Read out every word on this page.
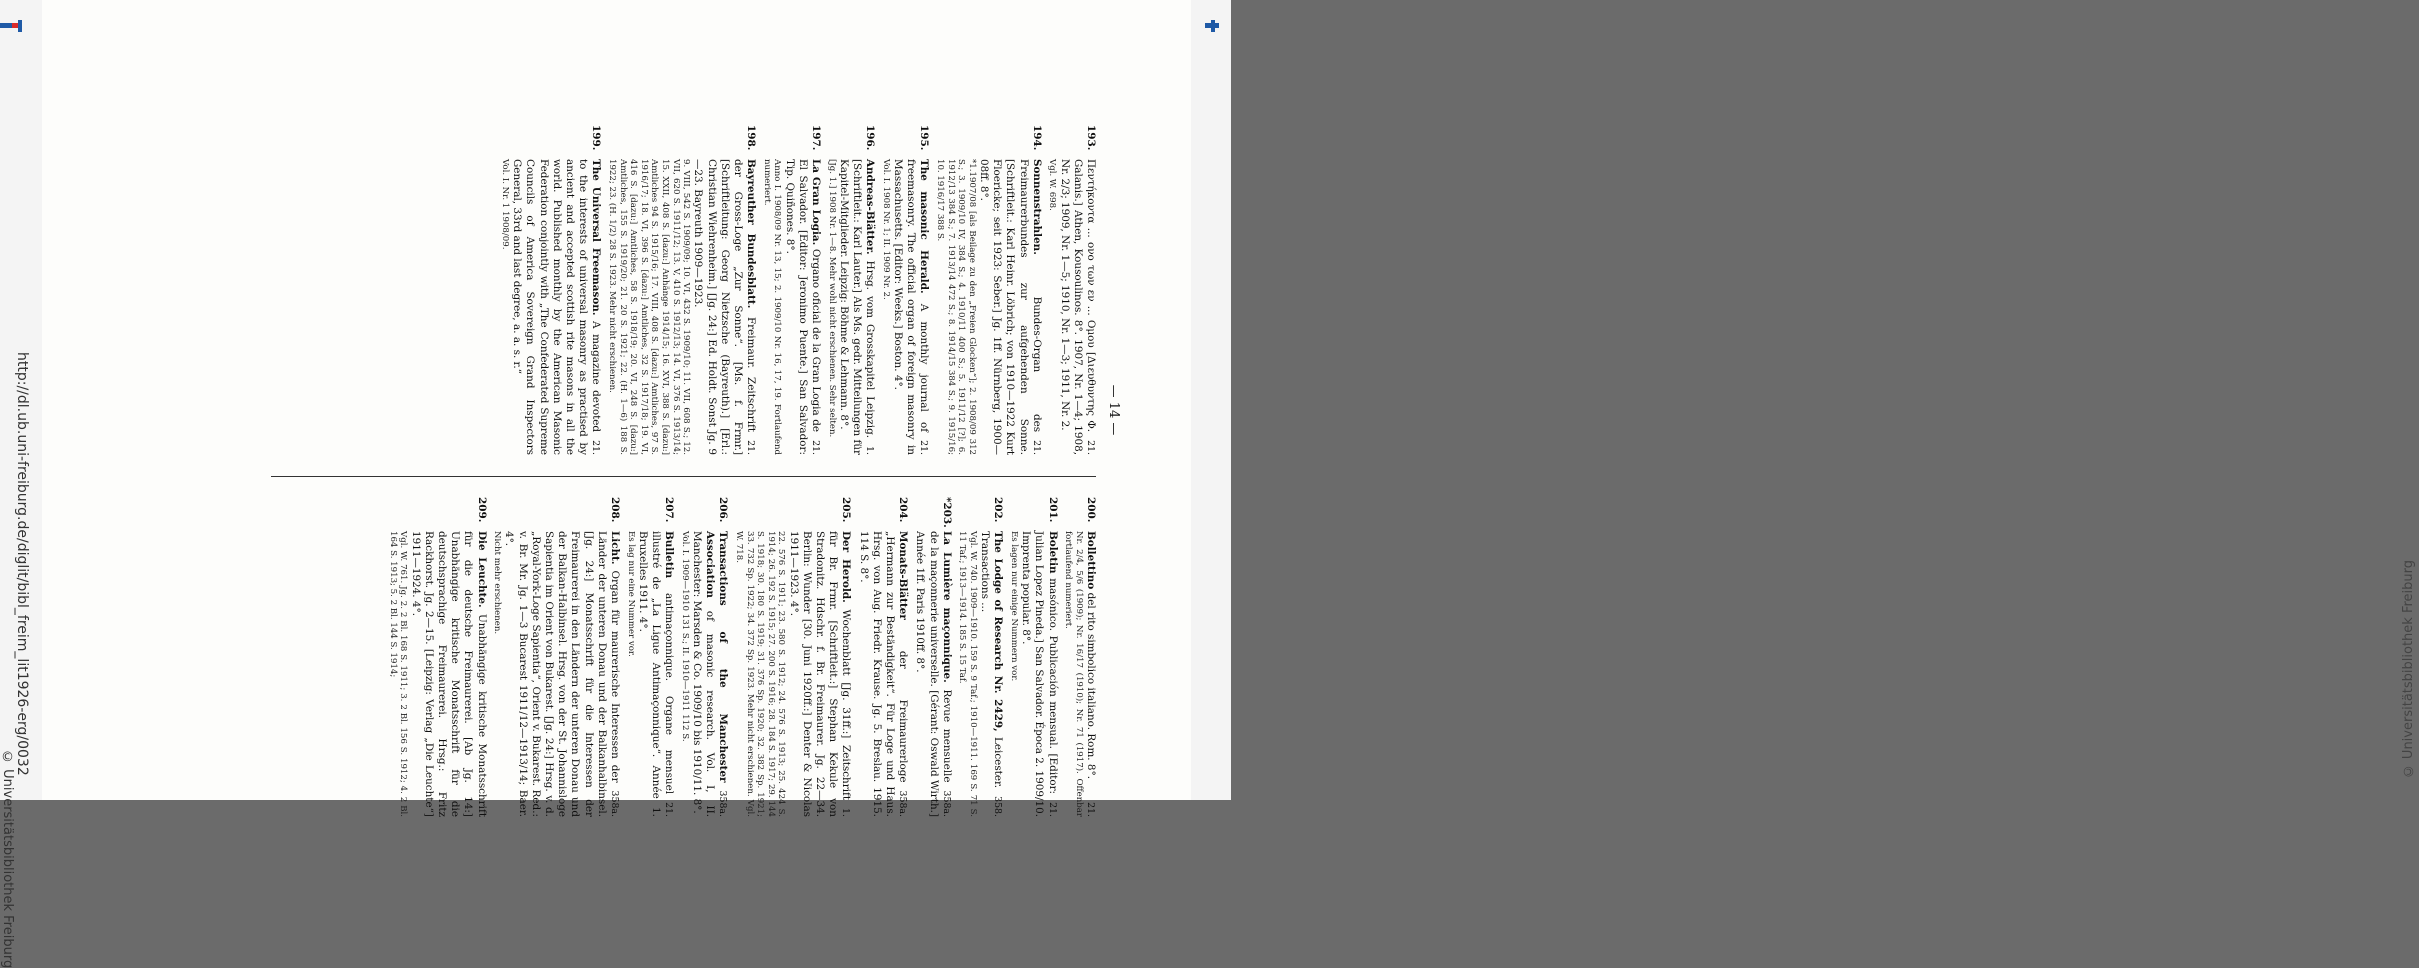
http://dl.ub.uni-freiburg.de/diglit/bibl_freim_lit1926-erg/0032
© Universitätsbibliothek Freiburg
© Universitätsbibliothek Freiburg
— 14 —
193.
21.
Πεντήκοντα ... ονο των εν ... Ομου [Διευθυντης Φ. Galanis.] Athen, Kousoulinos. 8°. 1907, Nr. 1—4; 1908, Nr. 2/3; 1909, Nr. 1—5; 1910, Nr. 1—3; 1911, Nr. 2.
Vgl. W. 698.
194.
21.
Sonnenstrahlen. Bundes-Organ des Freimaurerbundes zur aufgehenden Sonne. [Schriftleit.: Karl Heinr. Löbrich; von 1910—1922 Kurt Floericke; seit 1923: Seber.] Jg. 1ff. Nürnberg, 1900—08ff. 8°.
*1.1907/08 [als Beilage zu den „Freien Glocken“]; 2. 1908/09 312 S.; 3. 1909/10 IV, 384 S.; 4. 1910/11 400 S.; 5. 1911/12 [?]; 6. 1912/13 384 S.; 7. 1913/14 472 S.; 8. 1914/15 384 S.; 9. 1915/16; 10. 1916/17 388 S.
195.
21.
The masonic Herald. A monthly journal of freemasonry. The official organ of foreign masonry in Massachusetts. [Editor: Weeks.] Boston. 4°.
Vol. I. 1908 Nr. 1; II. 1909 Nr. 2.
196.
1.
Andreas-Blätter. Hrsg. vom Grosskapitel Leipzig. [Schriftleit.: Karl Lauter.] Als Ms. gedr. Mitteilungen für Kapitel-Mitglieder. Leipzig: Böhme & Lehmann. 8°.
[Jg. 1.] 1908 Nr. 1—8. Mehr wohl nicht erschienen. Sehr selten.
197.
21.
La Gran Logia. Organo oficial de la Gran Logia de El Salvador. [Editor: Jeronimo Puente.] San Salvador: Tip. Quiñones. 8°.
Anno I. 1908/09 Nr. 13, 15; 2. 1909/10 Nr. 16, 17, 19. Fortlaufend numeriert.
198.
21.
Bayreuther Bundesblatt. Freimaur. Zeitschrift der Gross-Loge „Zur Sonne“. [Ms. f. Frmr.] [Schriftleitung: Georg Nietzsche (Bayreuth).] [Erl.: Christian Wiehrenheim.] [Jg. 24:] Ed. Holdt. Sonst Jg. 9—23. Bayreuth 1909—1923.
9. VIII, 542 S. 1909/09; 10. VI, 432 S. 1909/10; 11. VII, 608 S.; 12. VII, 620 S. 1911/12; 13. V, 410 S. 1912/13; 14. VI, 376 S. 1913/14; 15. XXII, 408 S. [dazu:] Anhänge 1914/15; 16. XVI, 388 S. [dazu:] Amtliches 94 S. 1915/16; 17. VIII, 408 S. [dazu:] Amtliches, 97 S. 1916/17; 18. VI, 396 S. [dazu:] Amtliches, 32 S. 1917/18; 19. VI, 416 S. [dazu:] Amtliches, 58 S. 1918/19; 20. VI, 248 S. [dazu:] Amtliches, 155 S. 1919/20; 21. 20 S. 1921; 22. (H. 1—6) 188 S. 1922; 23. (H. 1/2) 28 S. 1923. Mehr nicht erschienen.
199.
21.
The Universal Freemason. A magazine devoted to the interests of universal masonry as practised by ancient and accepted scottish rite masons in all the world. Published monthly by the American Masonic Federation conjointly with „The Confederated Supreme Councils of America Sovereign Grand Inspectors General, 33rd and last degree, a. a. s. r.“
Vol. I. Nr. 1 1908/09.
200.
21.
Bollettino del rito simbolico italiano. Rom. 8°.
Nr. 2/4, 5/6 (1909); Nr. 16/17 (1910); Nr. 71 (1917). Offenbar fortlaufend numeriert.
201.
21.
Boletin masónico. Publicación mensual. [Editor: Julian Lopez Pineda.] San Salvador. Época 2. 1909/10. Imprenta popular. 8°.
Es lagen nur einige Nummern vor.
202.
358.
The Lodge of Research Nr. 2429, Leicester. Transactions ...
Vgl. W. 740. 1909—1910. 159 S. 9 Taf.; 1910—1911. 169 S. 71 S. 11 Taf.; 1913—1914. 185 S. 15 Taf.
*203.
358a.
La Lumière maçonnique. Revue mensuelle de la maçonnerie universelle. [Gérant: Oswald Wirth.] Année 1ff. Paris 1910ff. 8°.
204.
358a.
Monats-Blätter der Freimaurerloge „Hermann zur Beständigkeit“. Für Loge und Haus. Hrsg. von Aug. Friedr. Krause. Jg. 5. Breslau. 1915. 114 S. 8°.
205.
1.
Der Herold. Wochenblatt [Jg. 31ff.:] Zeitschrift für Br. Frmr. [Schriftleit.:] Stephan Kekule von Stradonitz. Hdschr. f. Br. Freimaurer. Jg. 22—34. Berlin: Wunder [30. Juni 1920ff.:] Denter & Nicolas 1911—1923. 4°.
22. 576 S. 1911; 23. 580 S. 1912; 24. 576 S. 1913; 25. 424 S. 1914; 26. 192 S. 1915; 27. 200 S. 1916; 28. 184 S. 1917; 29. 144 S. 1918; 30. 180 S. 1919; 31. 376 Sp. 1920; 32. 382 Sp. 1921; 33. 732 Sp. 1922; 34. 372 Sp. 1923. Mehr nicht erschienen. Vgl. W. 718.
206.
358a.
Transactions of the Manchester Association of masonic research. Vol. I, II. Manchester: Marsden & Co. 1909/10 bis 1910/11. 8°.
Vol. I. 1909—1910 131 S.; II. 1910—1911 112 S.
207.
21.
Bulletin antimaçonnique. Organe mensuel illustré de „La Ligue Antimaçonnique“. Année 1. Bruxelles 1911. 4°.
Es lag nur eine Nummer vor.
208.
358a.
Licht. Organ für maurerische Interessen der Länder der unteren Donau und der Balkanhalbinsel. [Jg. 24:] Monatsschrift für die Interessen der Freimaurerei in den Ländern der unteren Donau und der Balkan-Halbinsel. Hrsg. von der St. Johannisloge Sapientia im Orient von Bukarest. [Jg. 24:] Hrsg. v. d. „Royal-York-Loge Sapientia“, Orient v. Bukarest. Red.: v. Br. Mr. Jg. 1—3 Bucarest 1911/12—1913/14; Baer. 4°.
Nicht mehr erschienen.
209.
Die Leuchte. Unabhängige kritische Monatsschrift für die deutsche Freimaurerei. [Ab Jg. 14:] Unabhängige kritische Monatsschrift für die deutschsprachige Freimaurerei. Hrsg.: Fritz Rackhorst. Jg. 2—15. [Leipzig: Verlag „Die Leuchte“] 1911—1924. 4°.
Vgl. W. 761. Jg. 2. 2 Bl. 168 S. 1911; 3. 2 Bl. 156 S. 1912; 4. 2 Bl. 164 S. 1913; 5. 2 Bl. 144 S. 1914;
